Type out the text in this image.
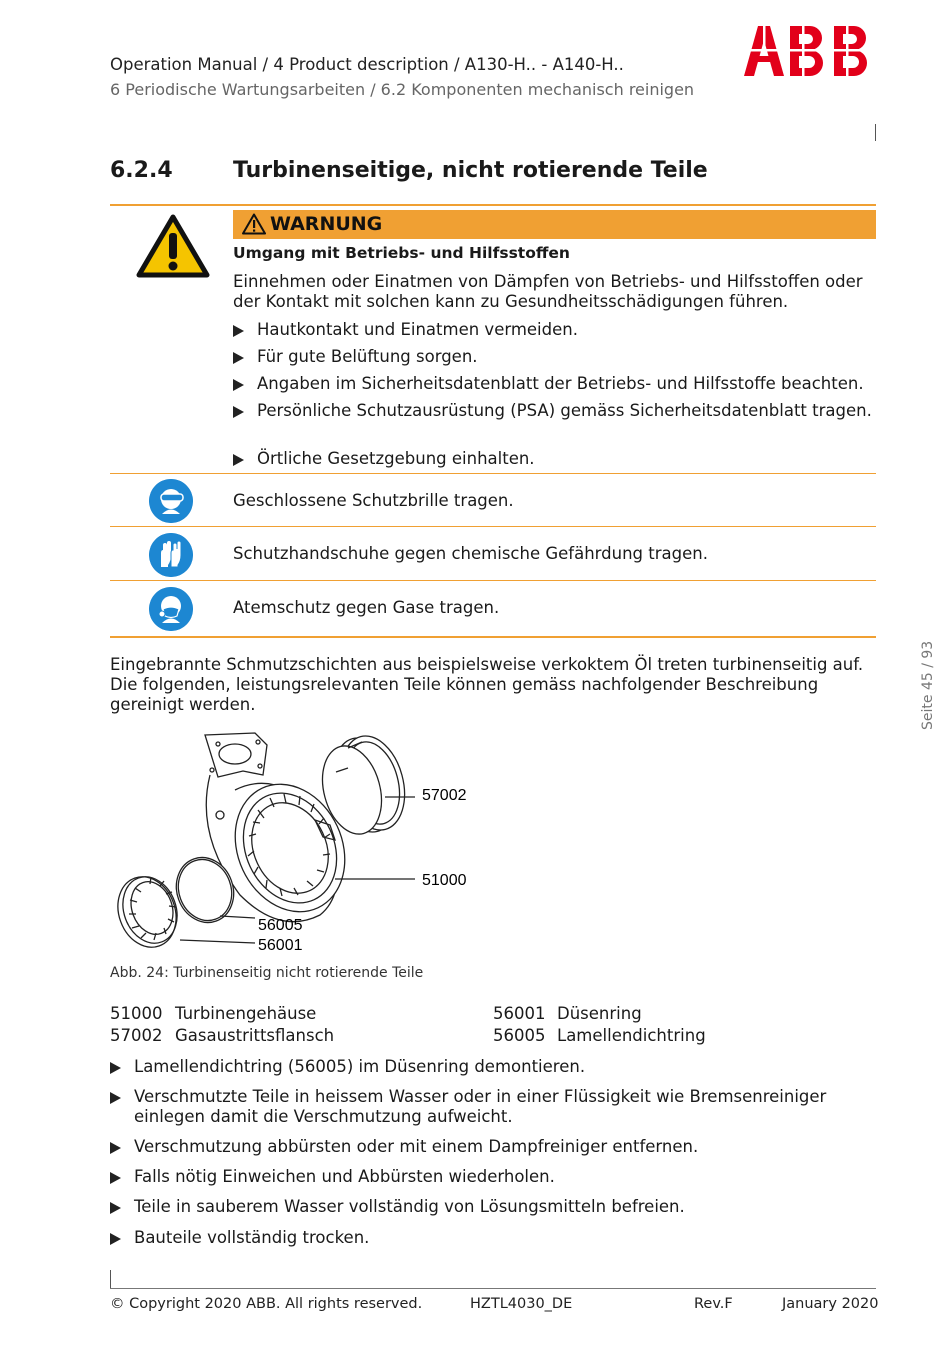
Operation Manual / 4 Product description / A130-H.. - A140-H..
6 Periodische Wartungsarbeiten / 6.2 Komponenten mechanisch reinigen
6.2.4	Turbinenseitige, nicht rotierende Teile
WARNUNG
Umgang mit Betriebs- und Hilfsstoffen
Einnehmen oder Einatmen von Dämpfen von Betriebs- und Hilfsstoffen oder der Kontakt mit solchen kann zu Gesundheitsschädigungen führen.
Hautkontakt und Einatmen vermeiden.
Für gute Belüftung sorgen.
Angaben im Sicherheitsdatenblatt der Betriebs- und Hilfsstoffe beachten.
Persönliche Schutzausrüstung (PSA) gemäss Sicherheitsdatenblatt tragen.
Örtliche Gesetzgebung einhalten.
Geschlossene Schutzbrille tragen.
Schutzhandschuhe gegen chemische Gefährdung tragen.
Atemschutz gegen Gase tragen.
Eingebrannte Schmutzschichten aus beispielsweise verkoktem Öl treten turbinenseitig auf. Die folgenden, leistungsrelevanten Teile können gemäss nachfolgender Beschreibung gereinigt werden.
57002
51000
56005
56001
Abb. 24: Turbinenseitig nicht rotierende Teile
51000 Turbinengehäuse	56001 Düsenring
57002 Gasaustrittsflansch	56005 Lamellendichtring
Lamellendichtring (56005) im Düsenring demontieren.
Verschmutzte Teile in heissem Wasser oder in einer Flüssigkeit wie Bremsenreiniger einlegen damit die Verschmutzung aufweicht.
Verschmutzung abbürsten oder mit einem Dampfreiniger entfernen.
Falls nötig Einweichen und Abbürsten wiederholen.
Teile in sauberem Wasser vollständig von Lösungsmitteln befreien.
Bauteile vollständig trocken.
Seite 45 / 93
© Copyright 2020 ABB. All rights reserved.	HZTL4030_DE	Rev.F	January 2020
